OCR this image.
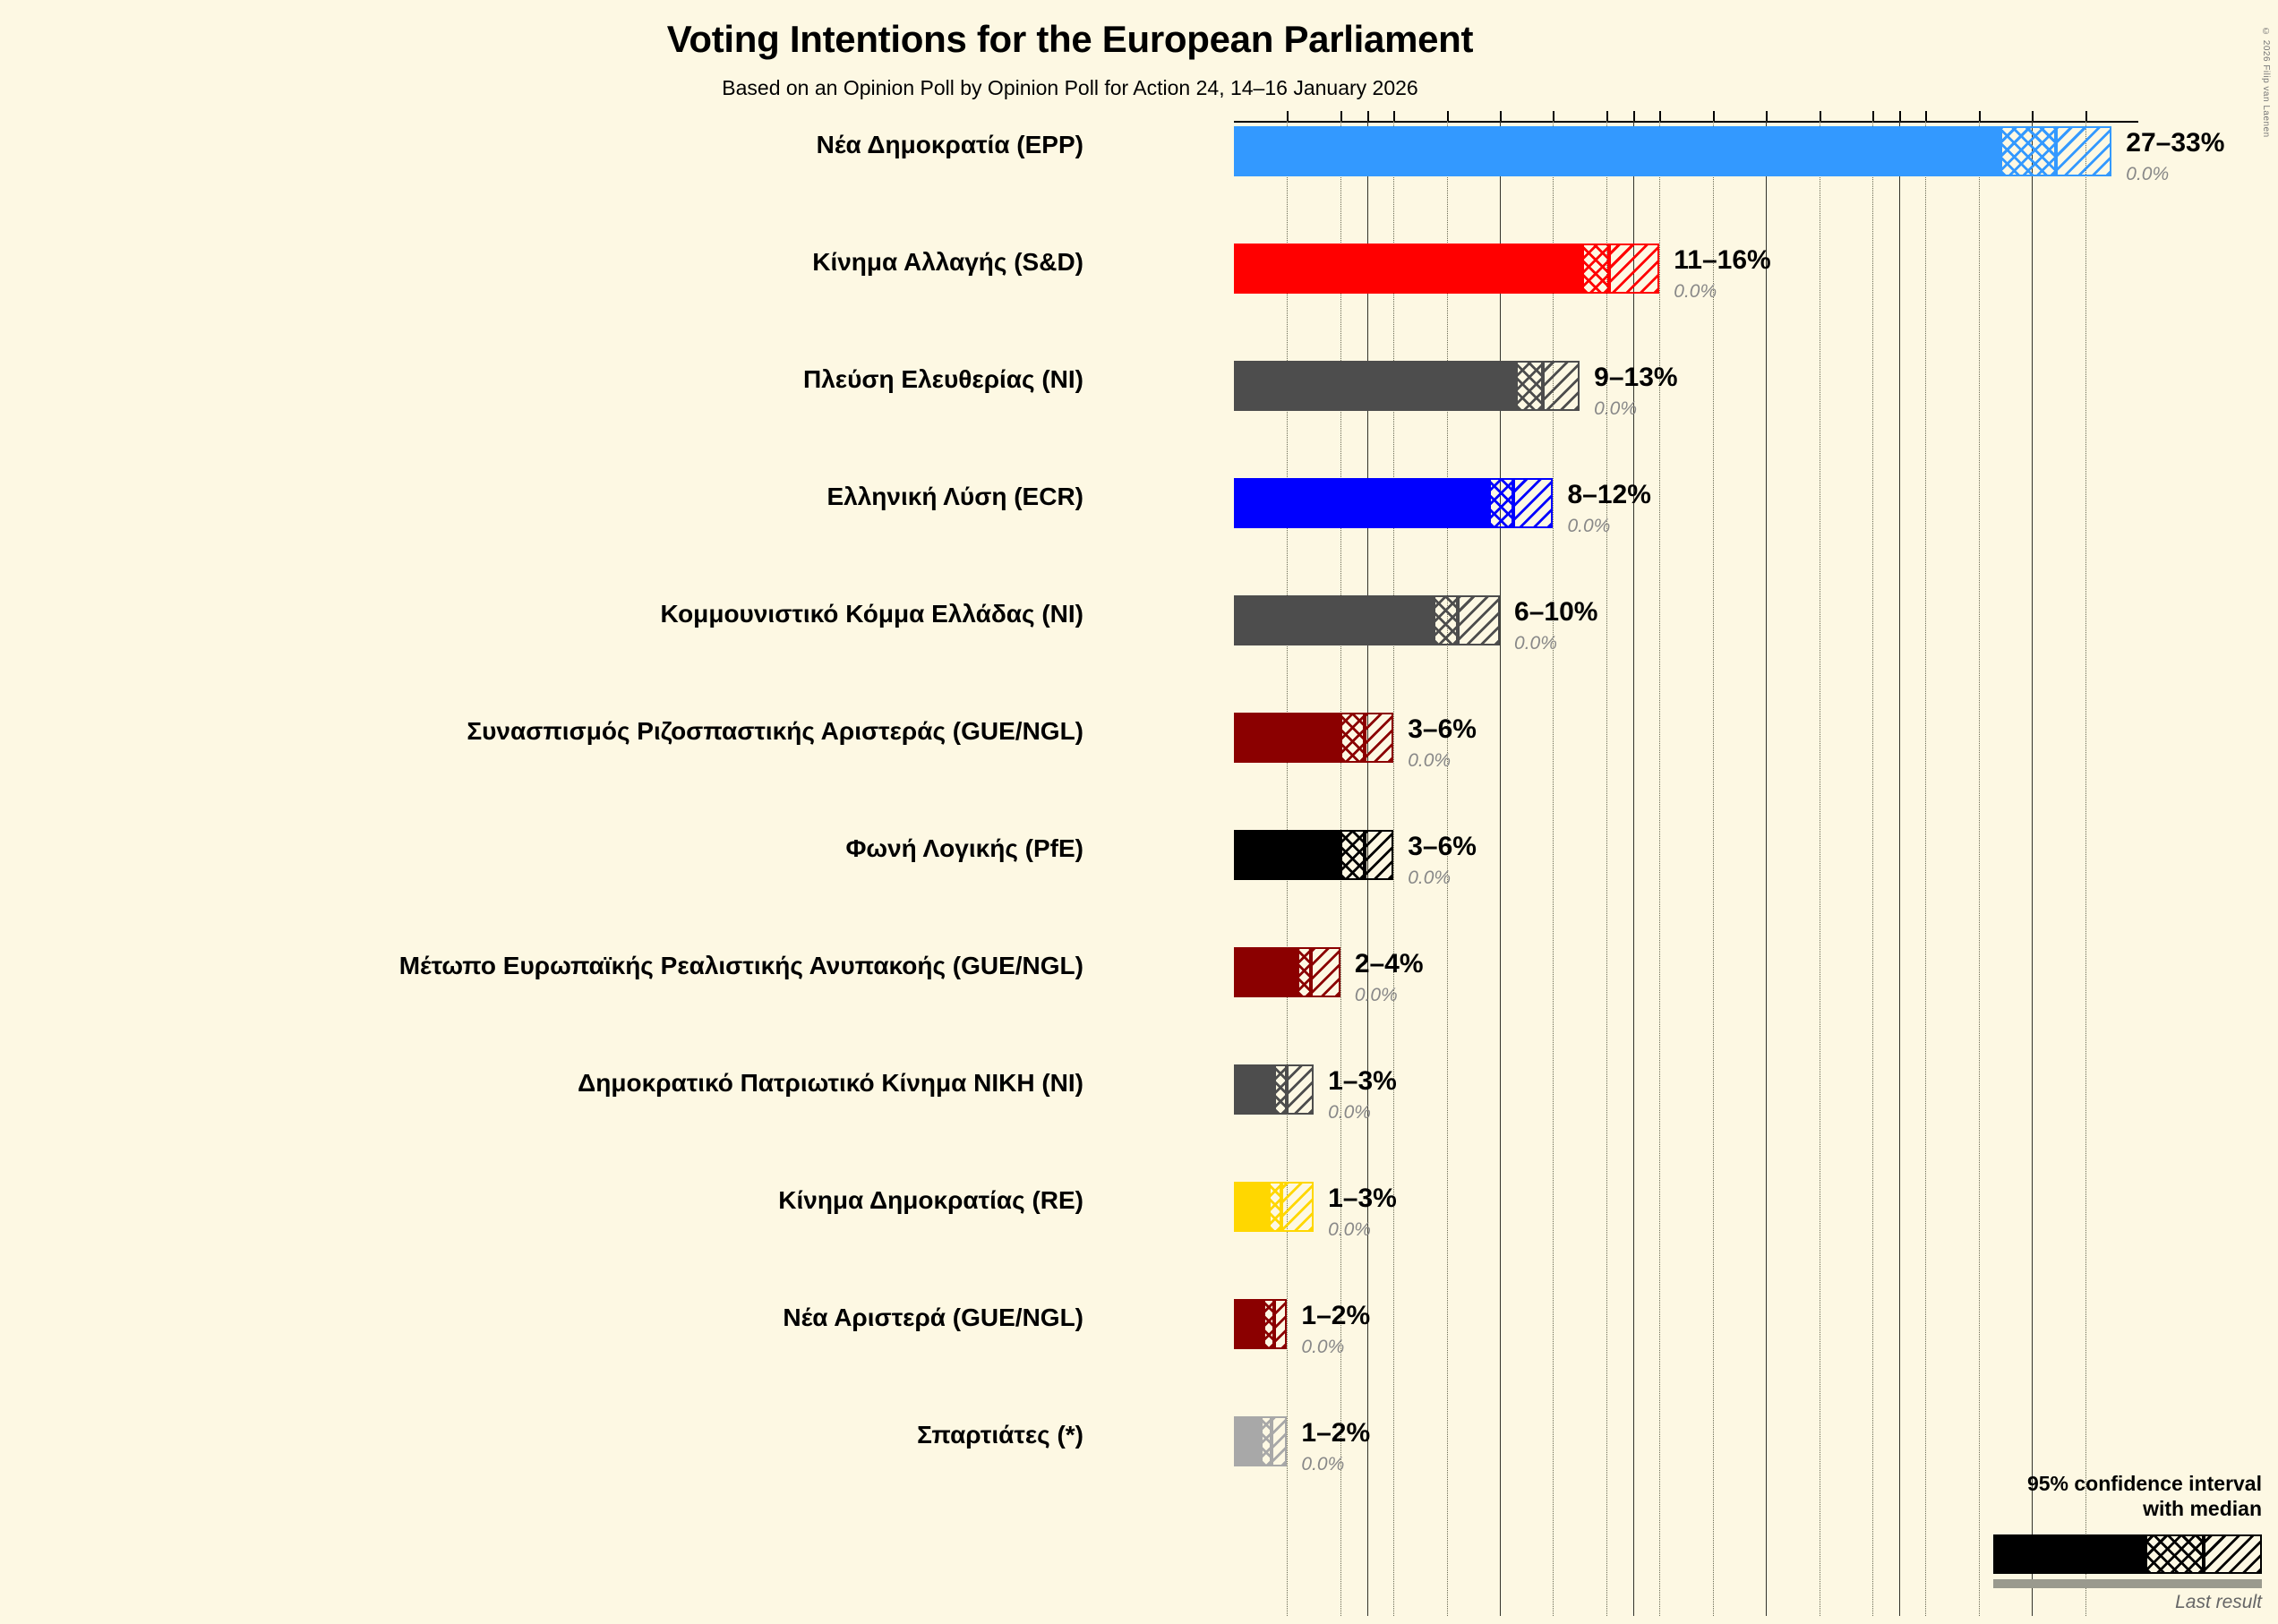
Voting Intentions for the European Parliament
Based on an Opinion Poll by Opinion Poll for Action 24, 14–16 January 2026	© 2026 Filip van Laenen
Νέα Δημοκρατία (EPP)	27–33%
0.0%
Κίνημα Αλλαγής (S&D)	11–16%
0.0%
Πλεύση Ελευθερίας (NI)	9–13%
0.0%
Ελληνική Λύση (ECR)	8–12%
0.0%
Κομμουνιστικό Κόμμα Ελλάδας (NI)	6–10%
0.0%
Συνασπισμός Ριζοσπαστικής Αριστεράς (GUE/NGL)	3–6%
0.0%
Φωνή Λογικής (PfE)	3–6%
0.0%
Μέτωπο Ευρωπαϊκής Ρεαλιστικής Ανυπακοής (GUE/NGL)	2–4%
0.0%
Δημοκρατικό Πατριωτικό Κίνημα ΝΙΚΗ (NI)	1–3%
0.0%
Κίνημα Δημοκρατίας (RE)	1–3%
0.0%
Νέα Αριστερά (GUE/NGL)	1–2%
0.0%
Σπαρτιάτες (*)	1–2%
0.0%
95% confidence interval
with median
Last result
